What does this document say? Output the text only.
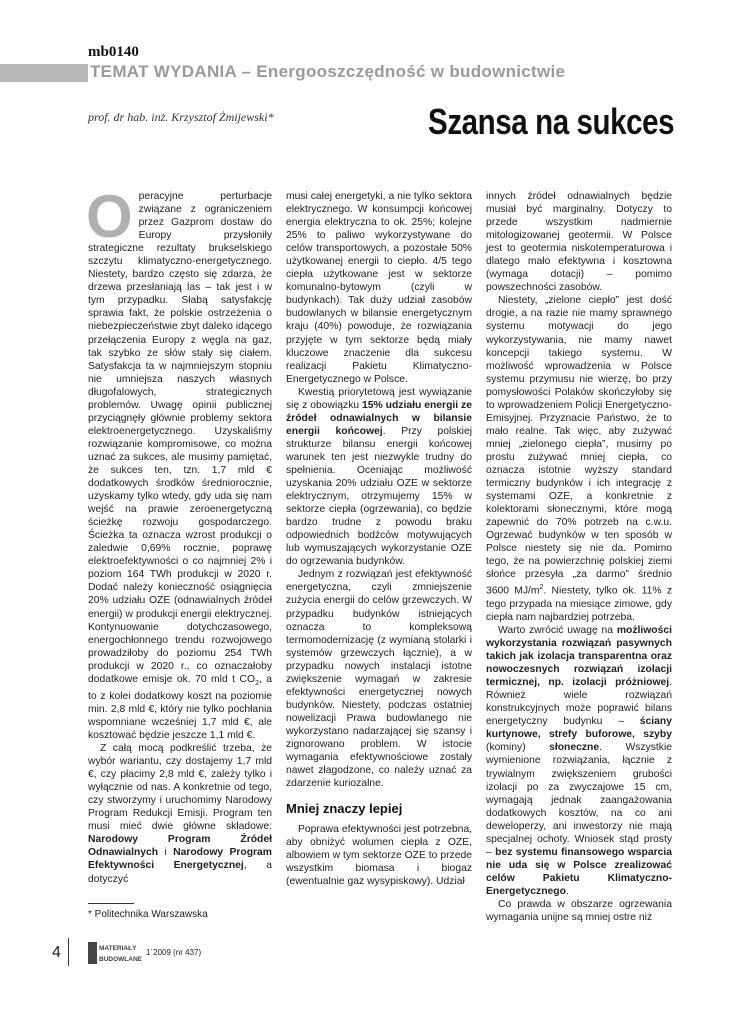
mb0140
TEMAT WYDANIA – Energooszczędność w budownictwie
prof. dr hab. inż. Krzysztof Żmijewski*	Szansa na sukces

Operacyjne perturbacje związane z ograniczeniem przez Gazprom dostaw do Europy przysłoniły strategiczne rezultaty brukselskiego szczytu klimatyczno-energetycznego. Niestety, bardzo często się zdarza, że drzewa przesłaniają las – tak jest i w tym przypadku. Słabą satysfakcję sprawia fakt, że polskie ostrzeżenia o niebezpieczeństwie zbyt daleko idącego przełączenia Europy z węgla na gaz, tak szybko ze słów stały się ciałem. Satysfakcja ta w najmniejszym stopniu nie umniejsza naszych własnych długofalowych, strategicznych problemów. Uwagę opinii publicznej przyciągnęły głównie problemy sektora elektroenergetycznego. Uzyskaliśmy rozwiązanie kompromisowe, co można uznać za sukces, ale musimy pamiętać, że sukces ten, tzn. 1,7 mld € dodatkowych środków średniorocznie, uzyskamy tylko wtedy, gdy uda się nam wejść na prawie zeroenergetyczną ścieżkę rozwoju gospodarczego. Ścieżka ta oznacza wzrost produkcji o zaledwie 0,69% rocznie, poprawę elektroefektywności o co najmniej 2% i poziom 164 TWh produkcji w 2020 r. Dodać należy konieczność osiągnięcia 20% udziału OZE (odnawialnych źródeł energii) w produkcji energii elektrycznej. Kontynuowanie dotychczasowego, energochłonnego trendu rozwojowego prowadziłoby do poziomu 254 TWh produkcji w 2020 r., co oznaczałoby dodatkowe emisje ok. 70 mld t $CO_2$, a to z kolei dodatkowy koszt na poziomie min. 2,8 mld €, który nie tylko pochłania wspomniane wcześniej 1,7 mld €, ale kosztować będzie jeszcze 1,1 mld €.

Z całą mocą podkreślić trzeba, że wybór wariantu, czy dostajemy 1,7 mld €, czy płacimy 2,8 mld €, zależy tylko i wyłącznie od nas. A konkretnie od tego, czy stworzymy i uruchomimy Narodowy Program Redukcji Emisji. Program ten musi mieć dwie główne składowe: Narodowy Program Źródeł Odnawialnych i Narodowy Program Efektywności Energetycznej, a dotyczyć

musi całej energetyki, a nie tylko sektora elektrycznego. W konsumpcji końcowej energia elektryczna to ok. 25%; kolejne 25% to paliwo wykorzystywane do celów transportowych, a pozostałe 50% użytkowanej energii to ciepło. 4/5 tego ciepła użytkowane jest w sektorze komunalno-bytowym (czyli w budynkach). Tak duży udział zasobów budowlanych w bilansie energetycznym kraju (40%) powoduje, że rozwiązania przyjęte w tym sektorze będą miały kluczowe znaczenie dla sukcesu realizacji Pakietu Klimatyczno-Energetycznego w Polsce.

Kwestią priorytetową jest wywiązanie się z obowiązku 15% udziału energii ze źródeł odnawialnych w bilansie energii końcowej. Przy polskiej strukturze bilansu energii końcowej warunek ten jest niezwykle trudny do spełnienia. Oceniając możliwość uzyskania 20% udziału OZE w sektorze elektrycznym, otrzymujemy 15% w sektorze ciepła (ogrzewania), co będzie bardzo trudne z powodu braku odpowiednich bodźców motywujących lub wymuszających wykorzystanie OZE do ogrzewania budynków.

Jednym z rozwiązań jest efektywność energetyczna, czyli zmniejszenie zużycia energii do celów grzewczych. W przypadku budynków istniejących oznacza to kompleksową termomodernizację (z wymianą stolarki i systemów grzewczych łącznie), a w przypadku nowych instalacji istotne zwiększenie wymagań w zakresie efektywności energetycznej nowych budynków. Niestety, podczas ostatniej nowelizacji Prawa budowlanego nie wykorzystano nadarzającej się szansy i zignorowano problem. W istocie wymagania efektywnościowe zostały nawet złagodzone, co należy uznać za zdarzenie kuriozalne.

Mniej znaczy lepiej

Poprawa efektywności jest potrzebna, aby obniżyć wolumen ciepła z OZE, albowiem w tym sektorze OZE to przede wszystkim biomasa i biogaz (ewentualnie gaz wysypiskowy). Udział

innych źródeł odnawialnych będzie musiał być marginalny. Dotyczy to przede wszystkim nadmiernie mitologizowanej geotermii. W Polsce jest to geotermia niskotemperaturowa i dlatego mało efektywna i kosztowna (wymaga dotacji) – pomimo powszechności zasobów.

Niestety, „zielone ciepło” jest dość drogie, a na razie nie mamy sprawnego systemu motywacji do jego wykorzystywania, nie mamy nawet koncepcji takiego systemu. W możliwość wprowadzenia w Polsce systemu przymusu nie wierzę, bo przy pomysłowości Polaków skończyłoby się to wprowadzeniem Policji Energetyczno-Emisyjnej. Przyznacie Państwo, że to mało realne. Tak więc, aby zużywać mniej „zielonego ciepła”, musimy po prostu zużywać mniej ciepła, co oznacza istotnie wyższy standard termiczny budynków i ich integrację z systemami OZE, a konkretnie z kolektorami słonecznymi, które mogą zapewnić do 70% potrzeb na c.w.u. Ogrzewać budynków w ten sposób w Polsce niestety się nie da. Pomimo tego, że na powierzchnię polskiej ziemi słońce przesyła „za darmo” średnio 3600 $MJ/m^2$. Niestety, tylko ok. 11% z tego przypada na miesiące zimowe, gdy ciepła nam najbardziej potrzeba.

Warto zwrócić uwagę na możliwości wykorzystania rozwiązań pasywnych takich jak izolacja transparentna oraz nowoczesnych rozwiązań izolacji termicznej, np. izolacji próżniowej. Również wiele rozwiązań konstrukcyjnych może poprawić bilans energetyczny budynku – ściany kurtynowe, strefy buforowe, szyby (kominy) słoneczne. Wszystkie wymienione rozwiązania, łącznie z trywialnym zwiększeniem grubości izolacji po za zwyczajowe 15 cm, wymagają jednak zaangażowania dodatkowych kosztów, na co ani deweloperzy, ani inwestorzy nie mają specjalnej ochoty. Wniosek stąd prosty – bez systemu finansowego wsparcia nie uda się w Polsce zrealizować celów Pakietu Klimatyczno-Energetycznego.

Co prawda w obszarze ogrzewania wymagania unijne są mniej ostre niż

* Politechnika Warszawska
4	MATERIAŁY
BUDOWLANE
1´2009 (nr 437)
